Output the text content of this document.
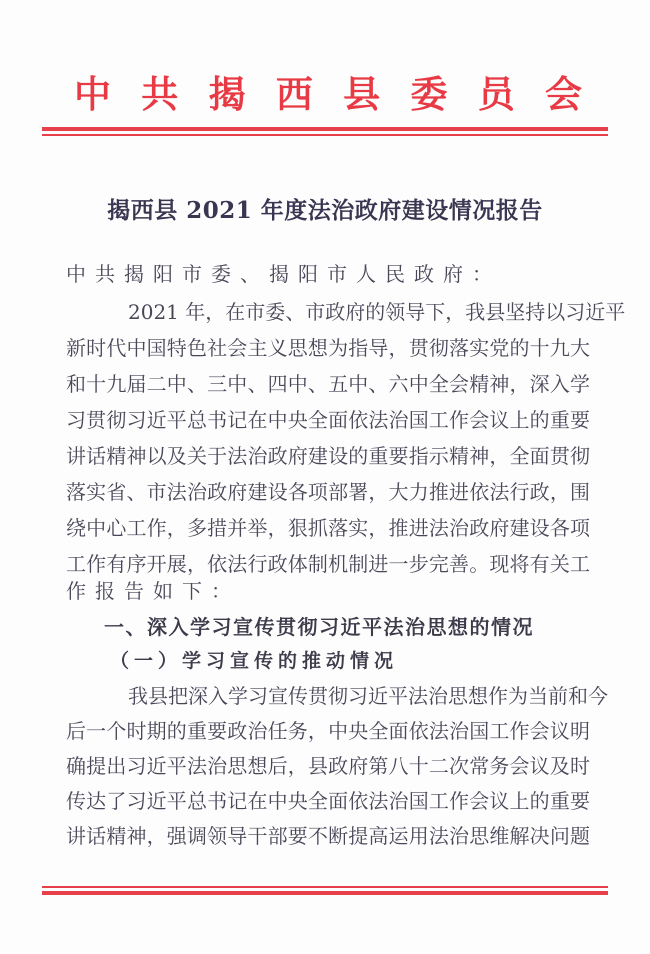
中共揭西县委员会
揭西县 2021 年度法治政府建设情况报告
中共揭阳市委、揭阳市人民政府：
2021 年，在市委、市政府的领导下，我县坚持以习近平
新时代中国特色社会主义思想为指导，贯彻落实党的十九大
和十九届二中、三中、四中、五中、六中全会精神，深入学
习贯彻习近平总书记在中央全面依法治国工作会议上的重要
讲话精神以及关于法治政府建设的重要指示精神，全面贯彻
落实省、市法治政府建设各项部署，大力推进依法行政，围
绕中心工作，多措并举，狠抓落实，推进法治政府建设各项
工作有序开展，依法行政体制机制进一步完善。现将有关工
作报告如下：
一、深入学习宣传贯彻习近平法治思想的情况
（一）学习宣传的推动情况
我县把深入学习宣传贯彻习近平法治思想作为当前和今
后一个时期的重要政治任务，中央全面依法治国工作会议明
确提出习近平法治思想后，县政府第八十二次常务会议及时
传达了习近平总书记在中央全面依法治国工作会议上的重要
讲话精神，强调领导干部要不断提高运用法治思维解决问题
